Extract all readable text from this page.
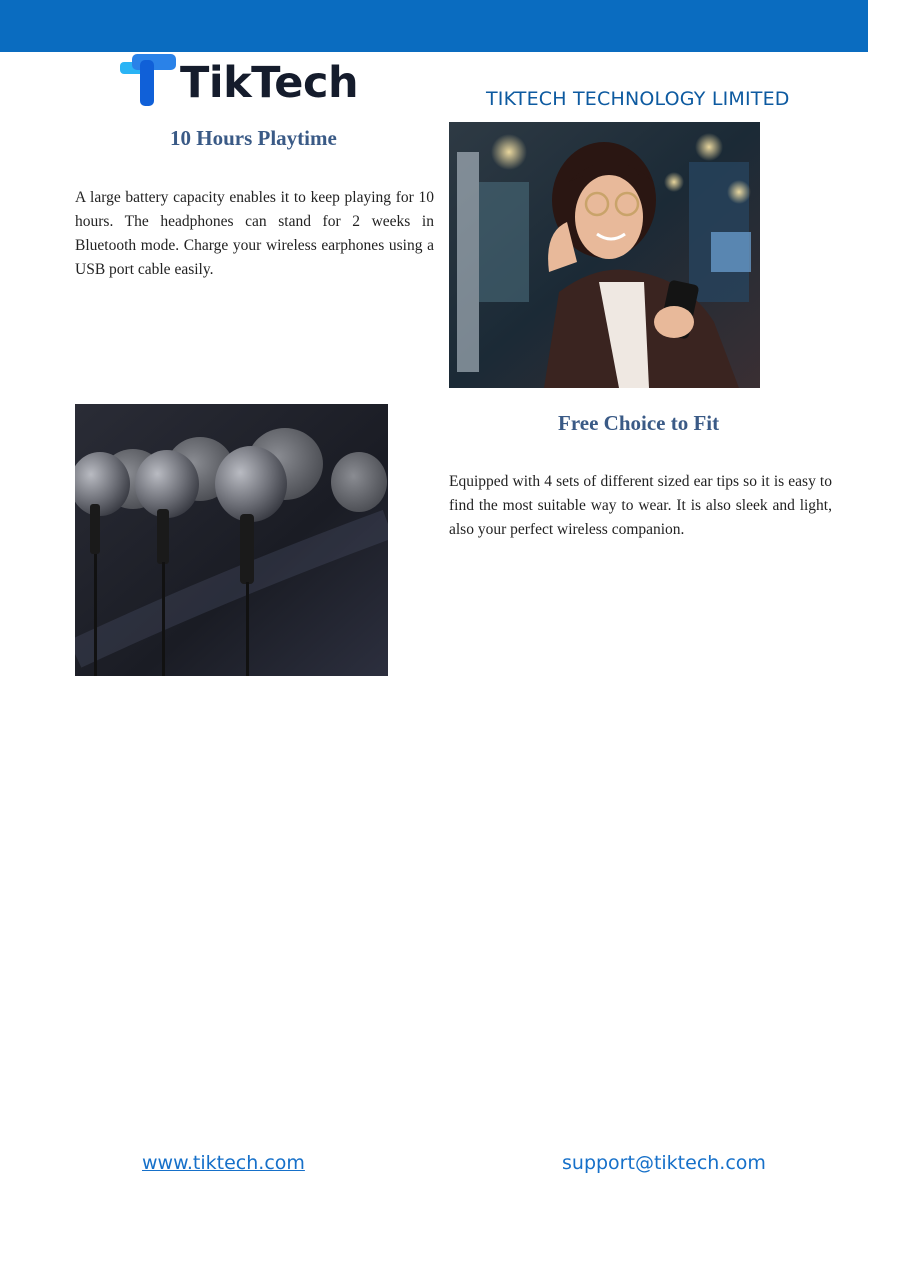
TikTech	TIKTECH TECHNOLOGY LIMITED
10 Hours Playtime
A large battery capacity enables it to keep playing for 10 hours. The headphones can stand for 2 weeks in Bluetooth mode. Charge your wireless earphones using a USB port cable easily.
Free Choice to Fit
Equipped with 4 sets of different sized ear tips so it is easy to find the most suitable way to wear. It is also sleek and light, also your perfect wireless companion.
www.tiktech.com	support@tiktech.com
